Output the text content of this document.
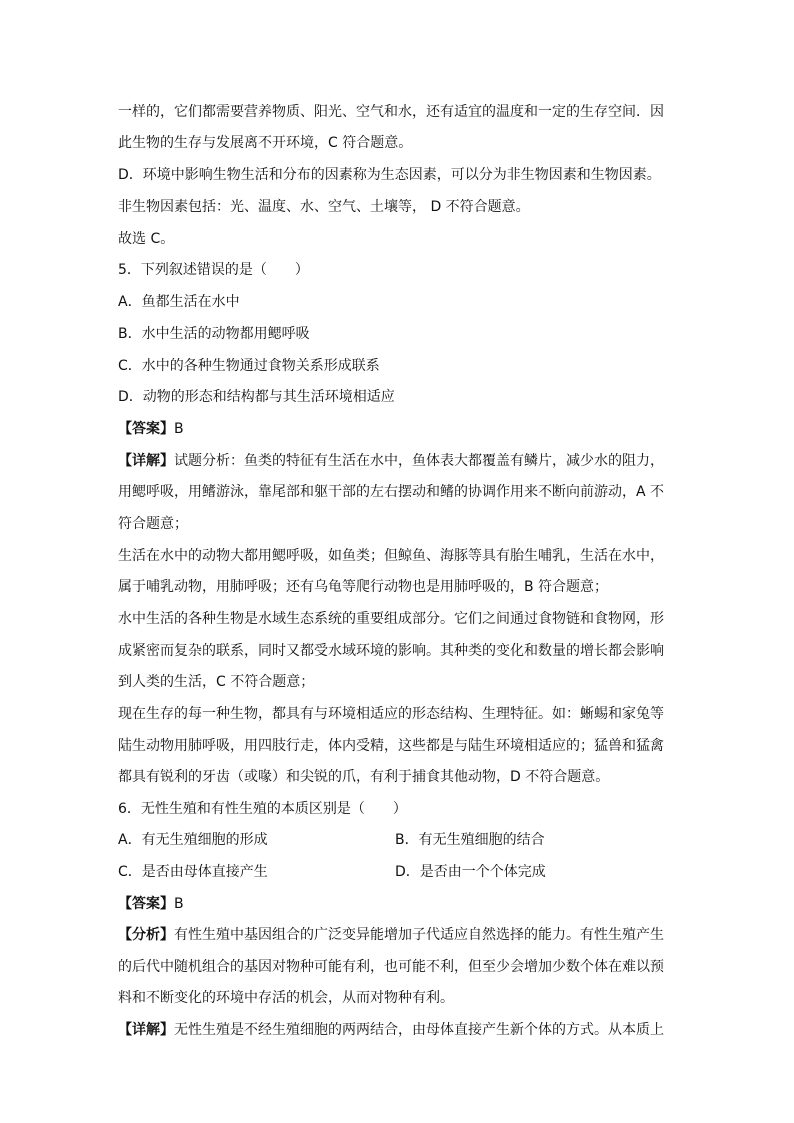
一样的，它们都需要营养物质、阳光、空气和水，还有适宜的温度和一定的生存空间．因
此生物的生存与发展离不开环境，C 符合题意。
D．环境中影响生物生活和分布的因素称为生态因素，可以分为非生物因素和生物因素。
非生物因素包括：光、温度、水、空气、土壤等， D 不符合题意。
故选 C。
5．下列叙述错误的是（　　）
A．鱼都生活在水中
B．水中生活的动物都用鳃呼吸
C．水中的各种生物通过食物关系形成联系
D．动物的形态和结构都与其生活环境相适应
【答案】B
【详解】试题分析：鱼类的特征有生活在水中，鱼体表大都覆盖有鳞片，减少水的阻力，
用鳃呼吸，用鳍游泳，靠尾部和躯干部的左右摆动和鳍的协调作用来不断向前游动，A 不
符合题意；
生活在水中的动物大都用鳃呼吸，如鱼类；但鲸鱼、海豚等具有胎生哺乳，生活在水中，
属于哺乳动物，用肺呼吸；还有乌龟等爬行动物也是用肺呼吸的，B 符合题意；
水中生活的各种生物是水域生态系统的重要组成部分。它们之间通过食物链和食物网，形
成紧密而复杂的联系，同时又都受水域环境的影响。其种类的变化和数量的增长都会影响
到人类的生活，C 不符合题意；
现在生存的每一种生物，都具有与环境相适应的形态结构、生理特征。如：蜥蜴和家兔等
陆生动物用肺呼吸，用四肢行走，体内受精，这些都是与陆生环境相适应的；猛兽和猛禽
都具有锐利的牙齿（或喙）和尖锐的爪，有利于捕食其他动物，D 不符合题意。
6．无性生殖和有性生殖的本质区别是（　　）
A．有无生殖细胞的形成	B．有无生殖细胞的结合
C．是否由母体直接产生	D．是否由一个个体完成
【答案】B
【分析】有性生殖中基因组合的广泛变异能增加子代适应自然选择的能力。有性生殖产生
的后代中随机组合的基因对物种可能有利，也可能不利，但至少会增加少数个体在难以预
料和不断变化的环境中存活的机会，从而对物种有利。
【详解】无性生殖是不经生殖细胞的两两结合，由母体直接产生新个体的方式。从本质上
